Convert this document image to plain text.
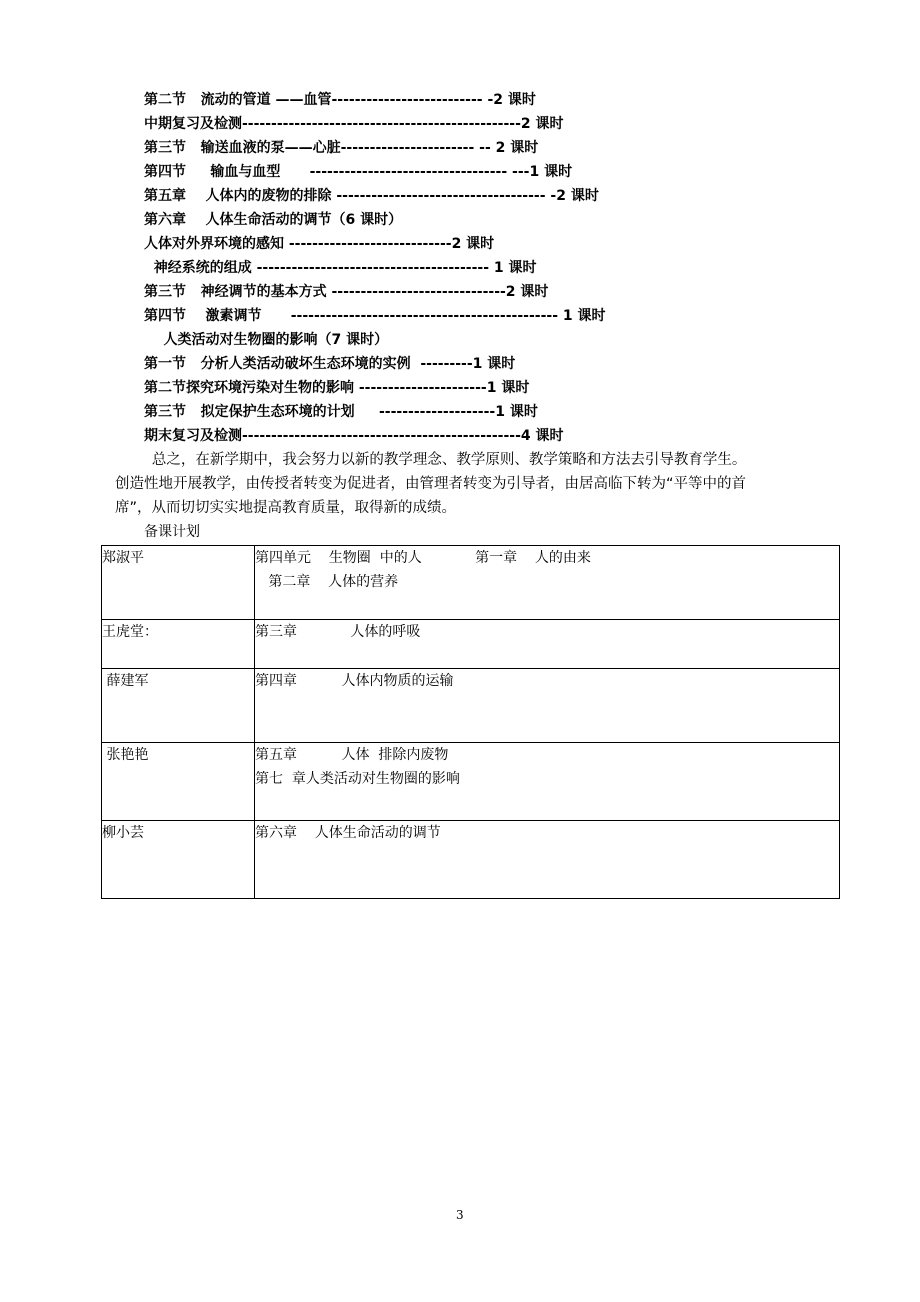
第二节   流动的管道 ——血管-------------------------- -2 课时
中期复习及检测------------------------------------------------2 课时
第三节   输送血液的泵——心脏----------------------- -- 2 课时
第四节     输血与血型      ---------------------------------- ---1 课时
第五章    人体内的废物的排除 ------------------------------------ -2 课时
第六章    人体生命活动的调节（6 课时）
人体对外界环境的感知 ----------------------------2 课时
神经系统的组成 ---------------------------------------- 1 课时
第三节   神经调节的基本方式 ------------------------------2 课时
第四节    激素调节      ---------------------------------------------- 1 课时
人类活动对生物圈的影响（7 课时）
第一节   分析人类活动破坏生态环境的实例  ---------1 课时
第二节探究环境污染对生物的影响 ----------------------1 课时
第三节   拟定保护生态环境的计划     --------------------1 课时
期末复习及检测------------------------------------------------4 课时
总之，在新学期中，我会努力以新的教学理念、教学原则、教学策略和方法去引导教育学生。
创造性地开展教学，由传授者转变为促进者，由管理者转变为引导者，由居高临下转为“平等中的首
席”，从而切切实实地提高教育质量，取得新的成绩。
备课计划
郑淑平	第四单元    生物圈  中的人            第一章    人的由来
第二章    人体的营养
王虎堂：	第三章            人体的呼吸
薛建军	第四章          人体内物质的运输
张艳艳	第五章          人体  排除内废物
第七  章人类活动对生物圈的影响
柳小芸	第六章    人体生命活动的调节
3
